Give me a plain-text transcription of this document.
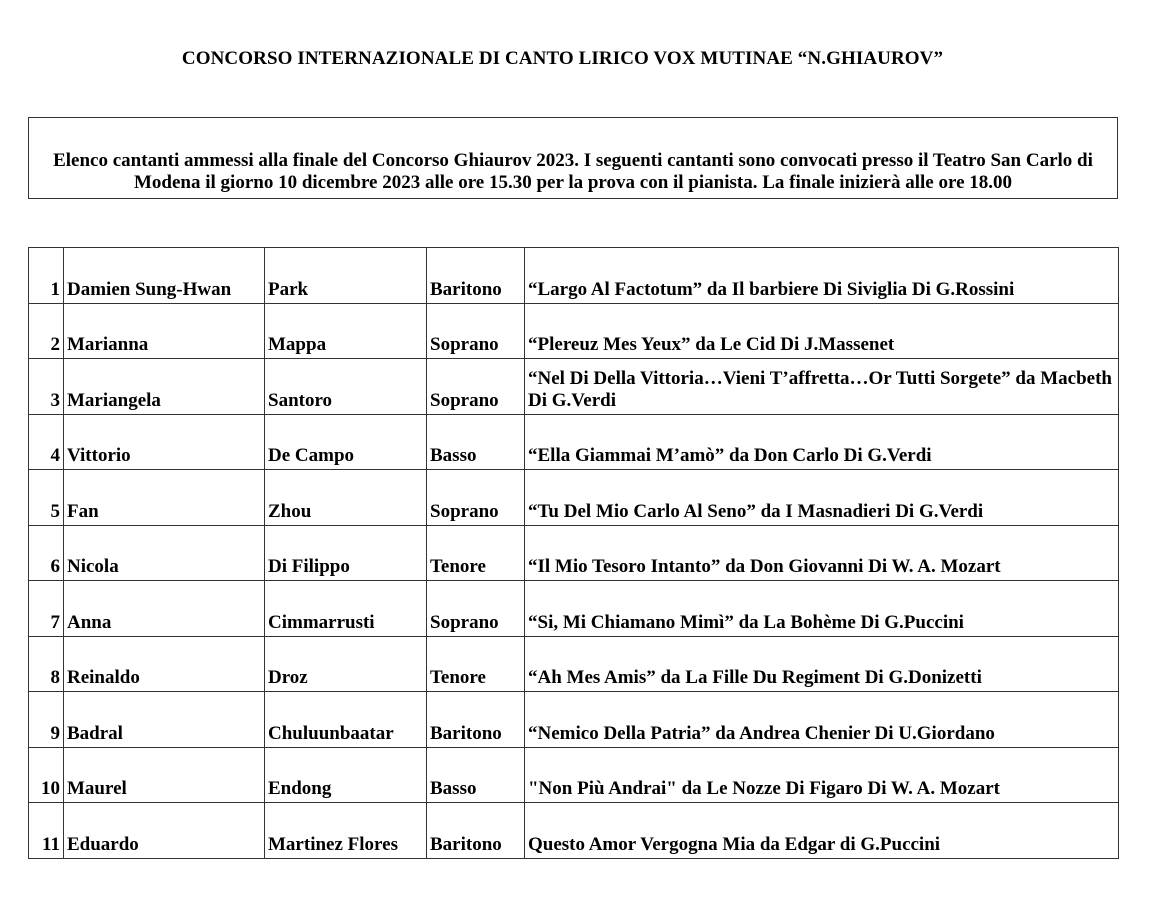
CONCORSO INTERNAZIONALE DI CANTO LIRICO VOX MUTINAE “N.GHIAUROV”

Elenco cantanti ammessi alla finale del Concorso Ghiaurov 2023. I seguenti cantanti sono convocati presso il Teatro San Carlo di Modena il giorno 10 dicembre 2023 alle ore 15.30 per la prova con il pianista. La finale inizierà alle ore 18.00

1	Damien Sung-Hwan	Park	Baritono	“Largo Al Factotum” da Il barbiere Di Siviglia Di G.Rossini
2	Marianna	Mappa	Soprano	“Plereuz Mes Yeux” da Le Cid Di J.Massenet
3	Mariangela	Santoro	Soprano	“Nel Di Della Vittoria…Vieni T’affretta…Or Tutti Sorgete” da Macbeth Di G.Verdi
4	Vittorio	De Campo	Basso	“Ella Giammai M’amò” da Don Carlo Di G.Verdi
5	Fan	Zhou	Soprano	“Tu Del Mio Carlo Al Seno” da I Masnadieri Di G.Verdi
6	Nicola	Di Filippo	Tenore	“Il Mio Tesoro Intanto” da Don Giovanni Di W. A. Mozart
7	Anna	Cimmarrusti	Soprano	“Si, Mi Chiamano Mimì” da La Bohème Di G.Puccini
8	Reinaldo	Droz	Tenore	“Ah Mes Amis” da La Fille Du Regiment Di G.Donizetti
9	Badral	Chuluunbaatar	Baritono	“Nemico Della Patria” da Andrea Chenier Di U.Giordano
10	Maurel	Endong	Basso	"Non Più Andrai" da Le Nozze Di Figaro Di W. A. Mozart
11	Eduardo	Martinez Flores	Baritono	Questo Amor Vergogna Mia da Edgar di G.Puccini
